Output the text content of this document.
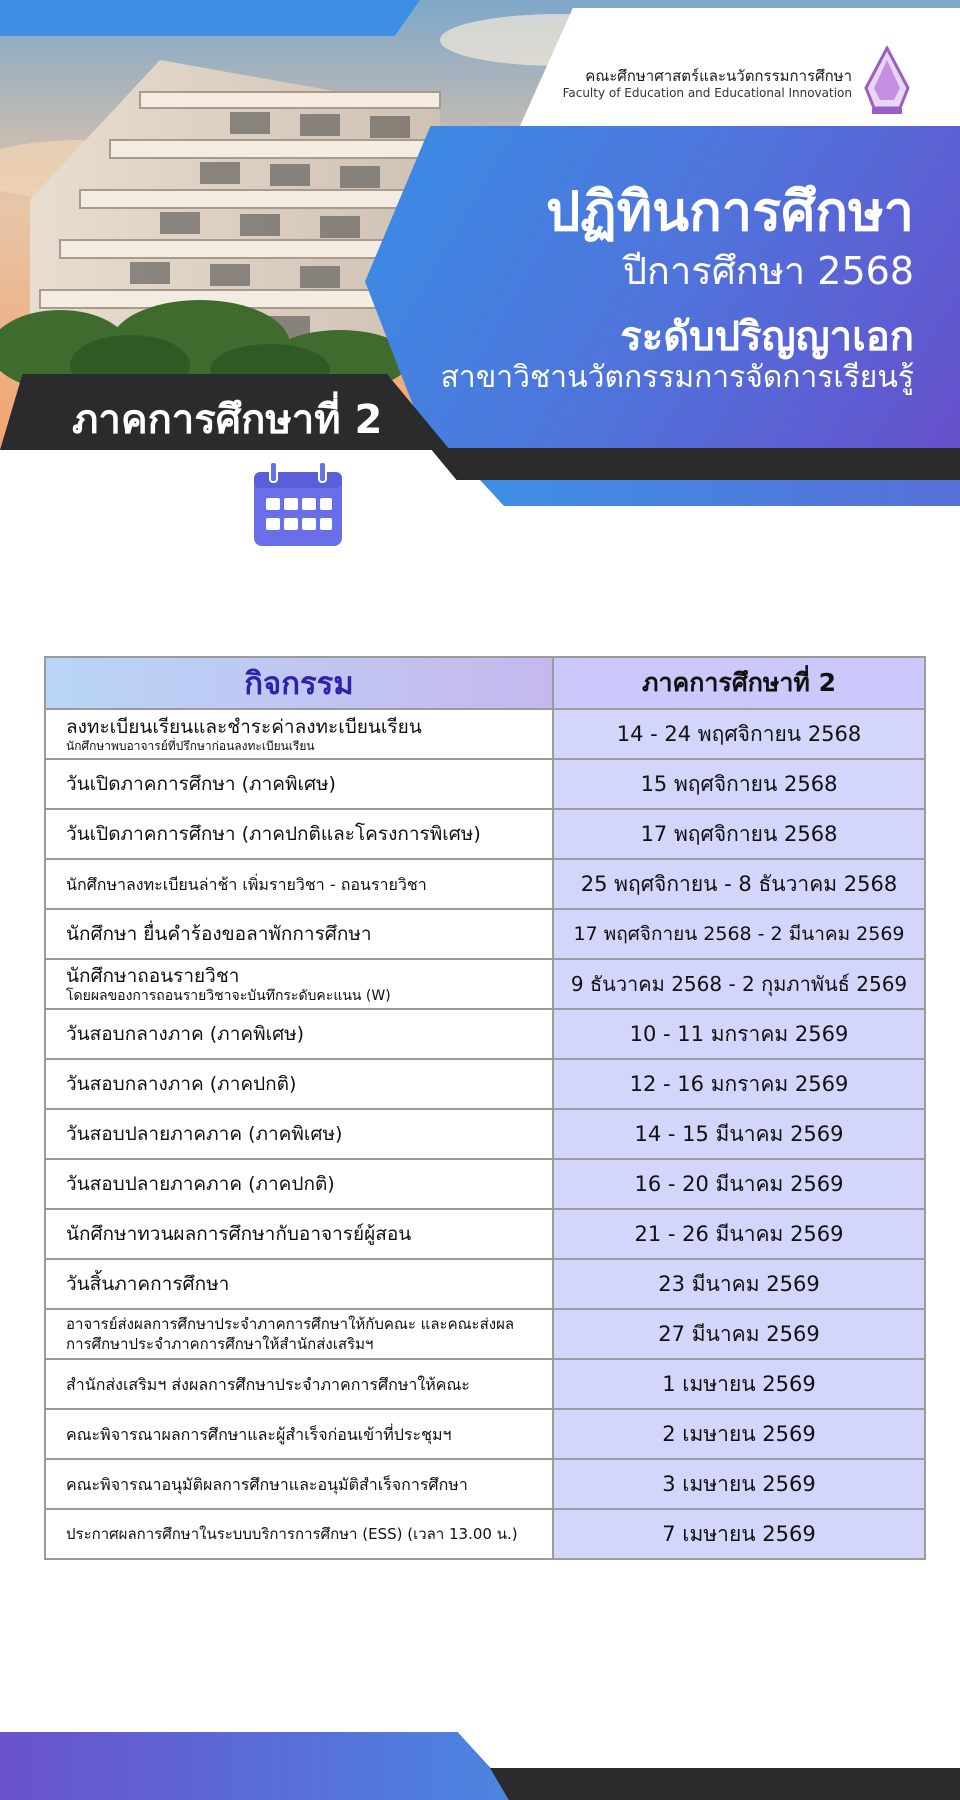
คณะศึกษาศาสตร์และนวัตกรรมการศึกษา
Faculty of Education and Educational Innovation
ปฏิทินการศึกษา
ปีการศึกษา 2568
ระดับปริญญาเอก
สาขาวิชานวัตกรรมการจัดการเรียนรู้
ภาคการศึกษาที่ 2
กิจกรรม	ภาคการศึกษาที่ 2

ลงทะเบียนเรียนและชำระค่าลงทะเบียนเรียน
นักศึกษาพบอาจารย์ที่ปรึกษาก่อนลงทะเบียนเรียน	14 - 24 พฤศจิกายน 2568

วันเปิดภาคการศึกษา (ภาคพิเศษ)	15 พฤศจิกายน 2568

วันเปิดภาคการศึกษา (ภาคปกติและโครงการพิเศษ)	17 พฤศจิกายน 2568

นักศึกษาลงทะเบียนล่าช้า เพิ่มรายวิชา - ถอนรายวิชา	25 พฤศจิกายน - 8 ธันวาคม 2568

นักศึกษา ยื่นคำร้องขอลาพักการศึกษา	17 พฤศจิกายน 2568 - 2 มีนาคม 2569

นักศึกษาถอนรายวิชา
โดยผลของการถอนรายวิชาจะบันทึกระดับคะแนน (W)	9 ธันวาคม 2568 - 2 กุมภาพันธ์ 2569

วันสอบกลางภาค (ภาคพิเศษ)	10 - 11 มกราคม 2569

วันสอบกลางภาค (ภาคปกติ)	12 - 16 มกราคม 2569

วันสอบปลายภาคภาค (ภาคพิเศษ)	14 - 15 มีนาคม 2569

วันสอบปลายภาคภาค (ภาคปกติ)	16 - 20 มีนาคม 2569

นักศึกษาทวนผลการศึกษากับอาจารย์ผู้สอน	21 - 26 มีนาคม 2569

วันสิ้นภาคการศึกษา	23 มีนาคม 2569

อาจารย์ส่งผลการศึกษาประจำภาคการศึกษาให้กับคณะ และคณะส่งผล
การศึกษาประจำภาคการศึกษาให้สำนักส่งเสริมฯ	27 มีนาคม 2569

สำนักส่งเสริมฯ ส่งผลการศึกษาประจำภาคการศึกษาให้คณะ	1 เมษายน 2569

คณะพิจารณาผลการศึกษาและผู้สำเร็จก่อนเข้าที่ประชุมฯ	2 เมษายน 2569

คณะพิจารณาอนุมัติผลการศึกษาและอนุมัติสำเร็จการศึกษา	3 เมษายน 2569

ประกาศผลการศึกษาในระบบบริการการศึกษา (ESS) (เวลา 13.00 น.)	7 เมษายน 2569
